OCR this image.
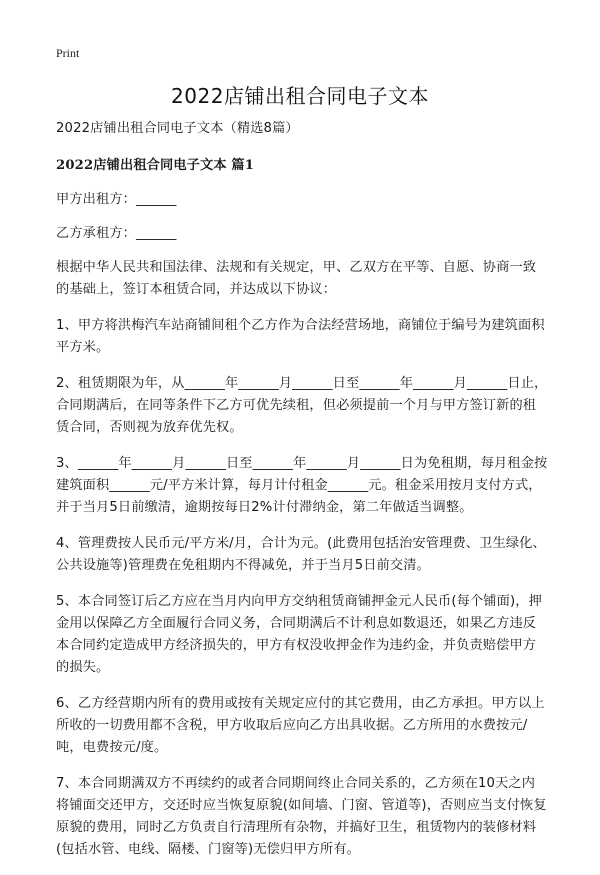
Print
2022店铺出租合同电子文本

2022店铺出租合同电子文本（精选8篇）

2022店铺出租合同电子文本 篇1

甲方出租方：______

乙方承租方：______

根据中华人民共和国法律、法规和有关规定，甲、乙双方在平等、自愿、协商一致的基础上，签订本租赁合同，并达成以下协议：

1、甲方将洪梅汽车站商铺间租个乙方作为合法经营场地，商铺位于编号为建筑面积平方米。

2、租赁期限为年，从______年______月______日至______年______月______日止，合同期满后，在同等条件下乙方可优先续租，但必须提前一个月与甲方签订新的租赁合同，否则视为放弃优先权。

3、______年______月______日至______年______月______日为免租期，每月租金按建筑面积______元/平方米计算，每月计付租金______元。租金采用按月支付方式，并于当月5日前缴清，逾期按每日2%计付滞纳金，第二年做适当调整。

4、管理费按人民币元/平方米/月，合计为元。(此费用包括治安管理费、卫生绿化、公共设施等)管理费在免租期内不得减免，并于当月5日前交清。

5、本合同签订后乙方应在当月内向甲方交纳租赁商铺押金元人民币(每个铺面)，押金用以保障乙方全面履行合同义务，合同期满后不计利息如数退还，如果乙方违反本合同约定造成甲方经济损失的，甲方有权没收押金作为违约金，并负责赔偿甲方的损失。

6、乙方经营期内所有的费用或按有关规定应付的其它费用，由乙方承担。甲方以上所收的一切费用都不含税，甲方收取后应向乙方出具收据。乙方所用的水费按元/吨，电费按元/度。

7、本合同期满双方不再续约的或者合同期间终止合同关系的，乙方须在10天之内将铺面交还甲方，交还时应当恢复原貌(如间墙、门窗、管道等)，否则应当支付恢复原貌的费用，同时乙方负责自行清理所有杂物，并搞好卫生，租赁物内的装修材料(包括水管、电线、隔楼、门窗等)无偿归甲方所有。
